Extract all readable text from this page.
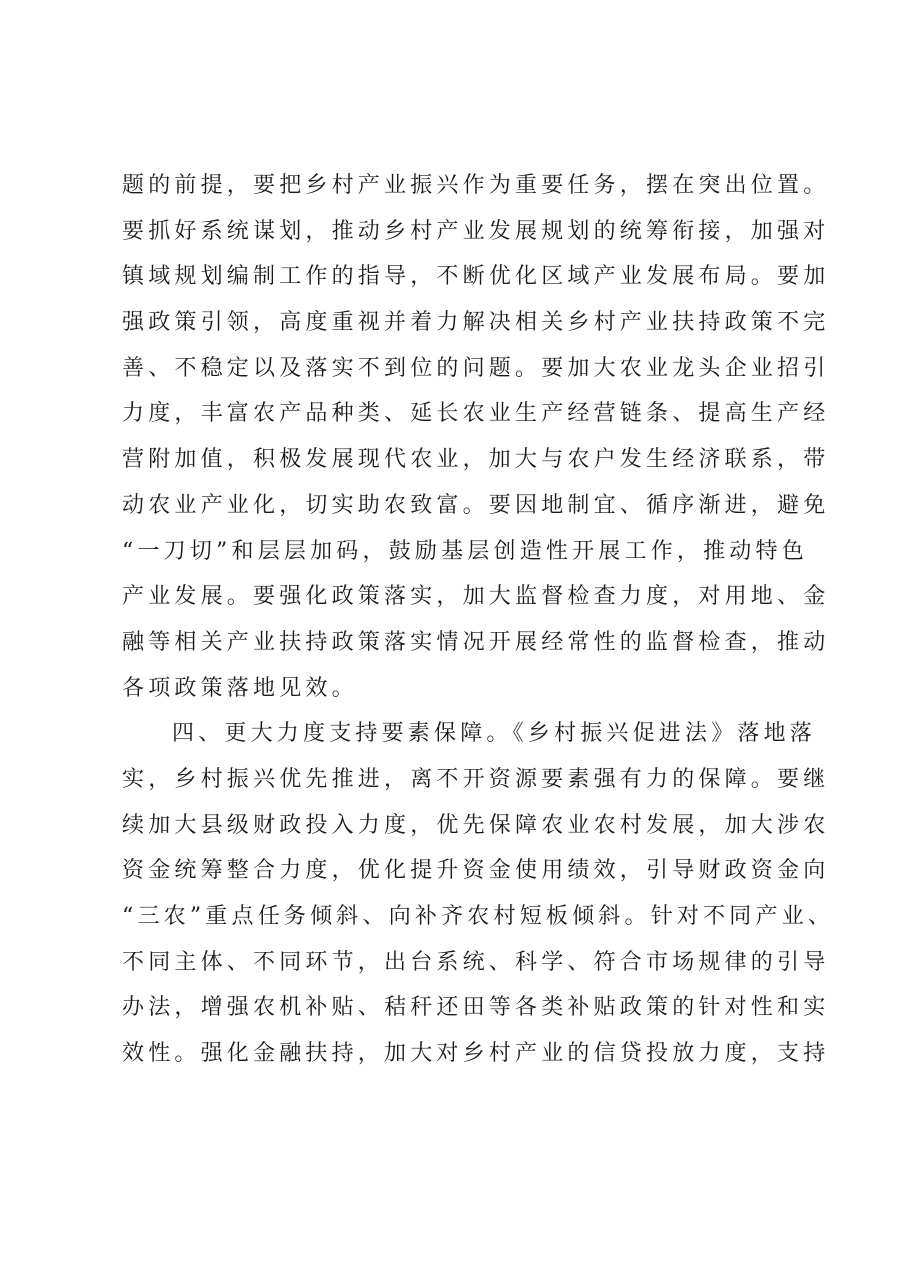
题的前提，要把乡村产业振兴作为重要任务，摆在突出位置。
要抓好系统谋划，推动乡村产业发展规划的统筹衔接，加强对
镇域规划编制工作的指导，不断优化区域产业发展布局。要加
强政策引领，高度重视并着力解决相关乡村产业扶持政策不完
善、不稳定以及落实不到位的问题。要加大农业龙头企业招引
力度，丰富农产品种类、延长农业生产经营链条、提高生产经
营附加值，积极发展现代农业，加大与农户发生经济联系，带
动农业产业化，切实助农致富。要因地制宜、循序渐进，避免
“一刀切”和层层加码，鼓励基层创造性开展工作，推动特色
产业发展。要强化政策落实，加大监督检查力度，对用地、金
融等相关产业扶持政策落实情况开展经常性的监督检查，推动
各项政策落地见效。
四、更大力度支持要素保障。《乡村振兴促进法》落地落
实，乡村振兴优先推进，离不开资源要素强有力的保障。要继
续加大县级财政投入力度，优先保障农业农村发展，加大涉农
资金统筹整合力度，优化提升资金使用绩效，引导财政资金向
“三农”重点任务倾斜、向补齐农村短板倾斜。针对不同产业、
不同主体、不同环节，出台系统、科学、符合市场规律的引导
办法，增强农机补贴、秸秆还田等各类补贴政策的针对性和实
效性。强化金融扶持，加大对乡村产业的信贷投放力度，支持
